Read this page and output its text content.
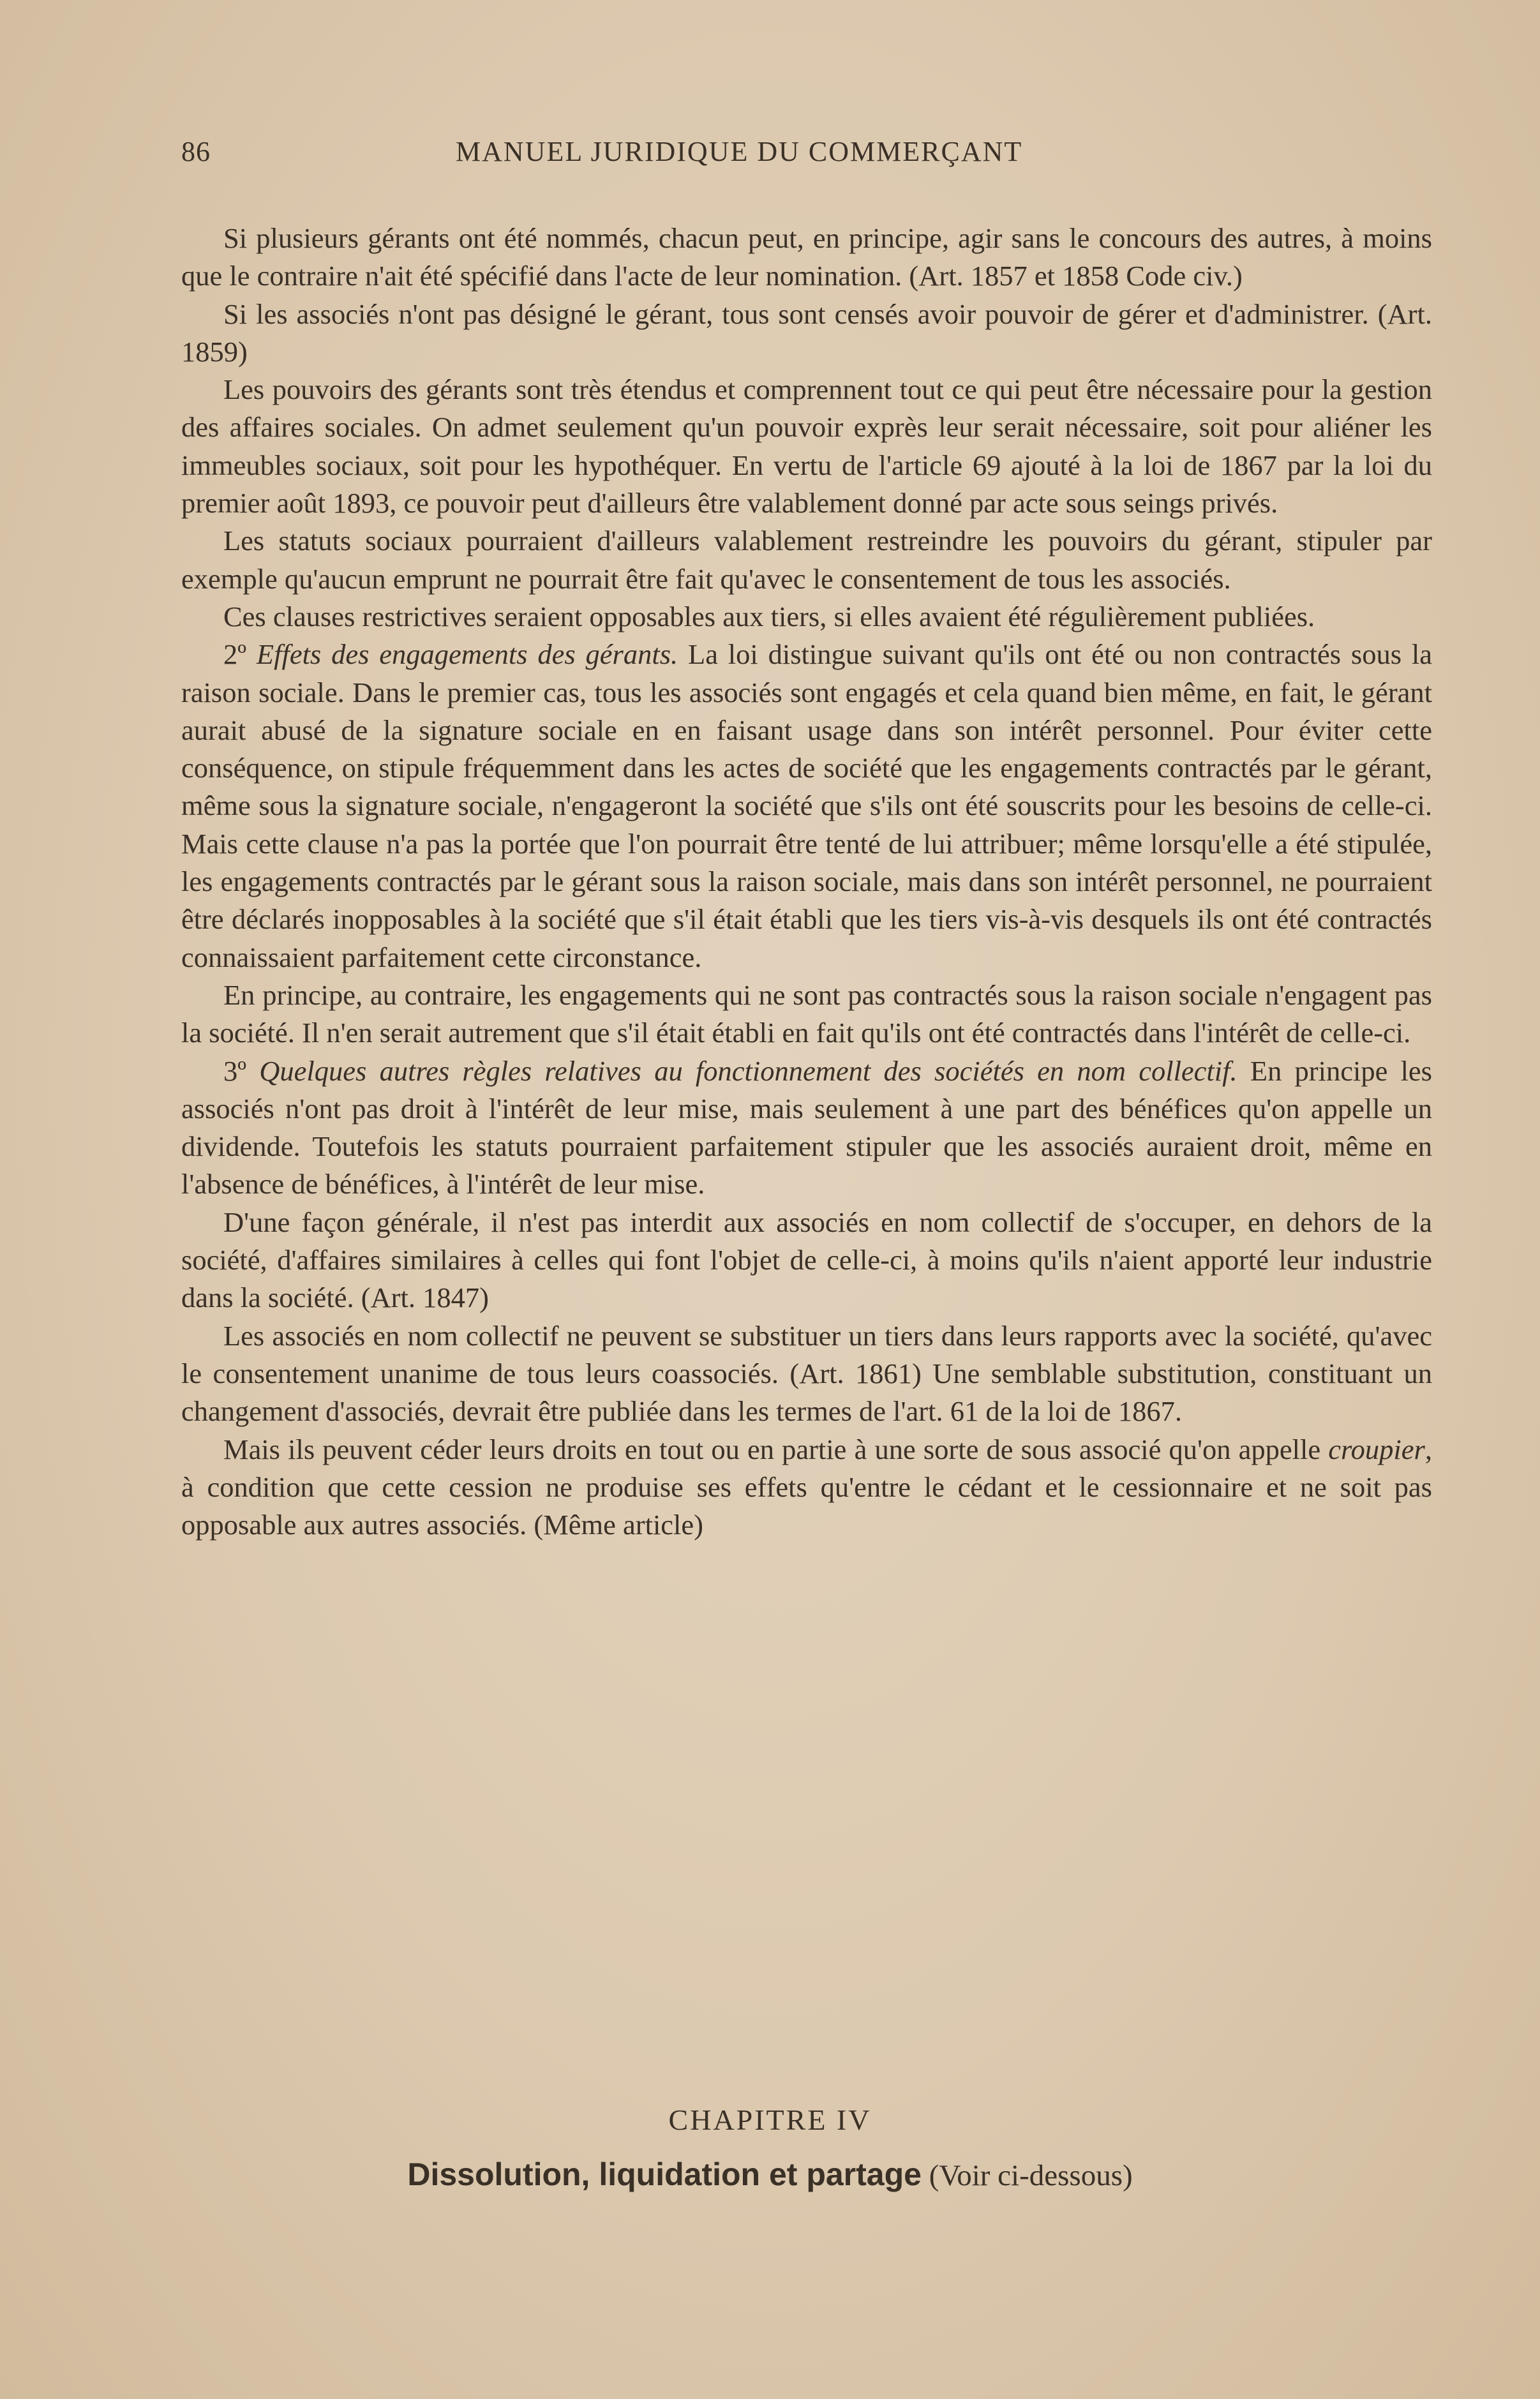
86	MANUEL JURIDIQUE DU COMMERÇANT

Si plusieurs gérants ont été nommés, chacun peut, en principe, agir sans le concours des autres, à moins que le contraire n'ait été spécifié dans l'acte de leur nomination. (Art. 1857 et 1858 Code civ.)

Si les associés n'ont pas désigné le gérant, tous sont censés avoir pouvoir de gérer et d'administrer. (Art. 1859)

Les pouvoirs des gérants sont très étendus et comprennent tout ce qui peut être nécessaire pour la gestion des affaires sociales. On admet seulement qu'un pouvoir exprès leur serait nécessaire, soit pour aliéner les immeubles sociaux, soit pour les hypothéquer. En vertu de l'article 69 ajouté à la loi de 1867 par la loi du premier août 1893, ce pouvoir peut d'ailleurs être valablement donné par acte sous seings privés.

Les statuts sociaux pourraient d'ailleurs valablement restreindre les pouvoirs du gérant, stipuler par exemple qu'aucun emprunt ne pourrait être fait qu'avec le consentement de tous les associés.

Ces clauses restrictives seraient opposables aux tiers, si elles avaient été régulièrement publiées.

2º Effets des engagements des gérants. La loi distingue suivant qu'ils ont été ou non contractés sous la raison sociale. Dans le premier cas, tous les associés sont engagés et cela quand bien même, en fait, le gérant aurait abusé de la signature sociale en en faisant usage dans son intérêt personnel. Pour éviter cette conséquence, on stipule fréquemment dans les actes de société que les engagements contractés par le gérant, même sous la signature sociale, n'engageront la société que s'ils ont été souscrits pour les besoins de celle-ci. Mais cette clause n'a pas la portée que l'on pourrait être tenté de lui attribuer; même lorsqu'elle a été stipulée, les engagements contractés par le gérant sous la raison sociale, mais dans son intérêt personnel, ne pourraient être déclarés inopposables à la société que s'il était établi que les tiers vis-à-vis desquels ils ont été contractés connaissaient parfaitement cette circonstance.

En principe, au contraire, les engagements qui ne sont pas contractés sous la raison sociale n'engagent pas la société. Il n'en serait autrement que s'il était établi en fait qu'ils ont été contractés dans l'intérêt de celle-ci.

3º Quelques autres règles relatives au fonctionnement des sociétés en nom collectif. En principe les associés n'ont pas droit à l'intérêt de leur mise, mais seulement à une part des bénéfices qu'on appelle un dividende. Toutefois les statuts pourraient parfaitement stipuler que les associés auraient droit, même en l'absence de bénéfices, à l'intérêt de leur mise.

D'une façon générale, il n'est pas interdit aux associés en nom collectif de s'occuper, en dehors de la société, d'affaires similaires à celles qui font l'objet de celle-ci, à moins qu'ils n'aient apporté leur industrie dans la société. (Art. 1847)

Les associés en nom collectif ne peuvent se substituer un tiers dans leurs rapports avec la société, qu'avec le consentement unanime de tous leurs coassociés. (Art. 1861) Une semblable substitution, constituant un changement d'associés, devrait être publiée dans les termes de l'art. 61 de la loi de 1867.

Mais ils peuvent céder leurs droits en tout ou en partie à une sorte de sous associé qu'on appelle croupier, à condition que cette cession ne produise ses effets qu'entre le cédant et le cessionnaire et ne soit pas opposable aux autres associés. (Même article)

CHAPITRE IV
Dissolution, liquidation et partage (Voir ci-dessous)
